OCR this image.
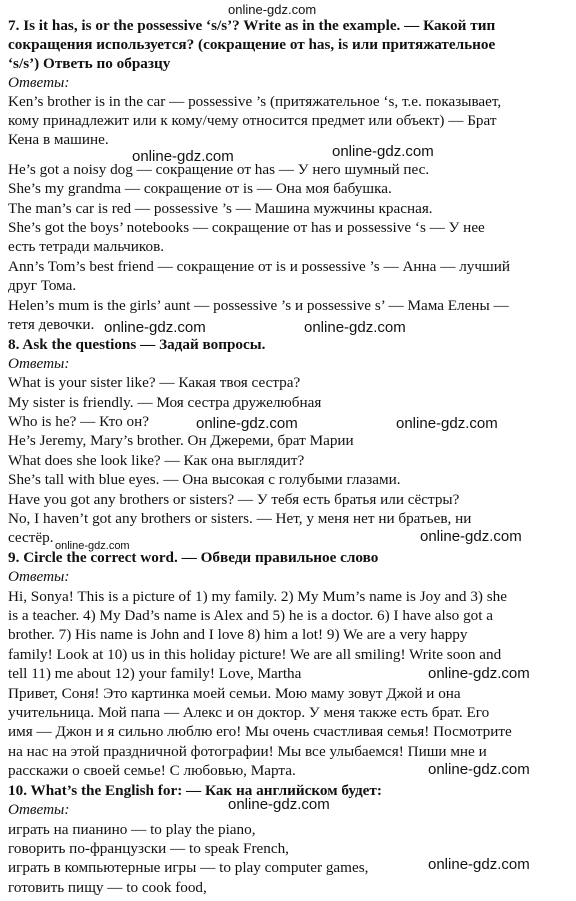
online-gdz.com
online-gdz.com	online-gdz.com
online-gdz.com	online-gdz.com
online-gdz.com	online-gdz.com
online-gdz.com
online-gdz.com
online-gdz.com
online-gdz.com
online-gdz.com
online-gdz.com
7. Is it has, is or the possessive ‘s/s’? Write as in the example. — Какой тип
сокращения используется? (сокращение от has, is или притяжательное
‘s/s’) Ответь по образцу
Ответы:
Ken’s brother is in the car — possessive ’s (притяжательное ‘s, т.е. показывает,
кому принадлежит или к кому/чему относится предмет или объект) — Брат
Кена в машине.
He’s got a noisy dog — сокращение от has — У него шумный пес.
She’s my grandma — сокращение от is — Она моя бабушка.
The man’s car is red — possessive ’s — Машина мужчины красная.
She’s got the boys’ notebooks — сокращение от has и possessive ‘s — У нее
есть тетради мальчиков.
Ann’s Tom’s best friend — сокращение от is и possessive ’s — Анна — лучший
друг Тома.
Helen’s mum is the girls’ aunt — possessive ’s и possessive s’ — Мама Елены —
тетя девочки.
8. Ask the questions — Задай вопросы.
Ответы:
What is your sister like? — Какая твоя сестра?
My sister is friendly. — Моя сестра дружелюбная
Who is he? — Кто он?
He’s Jeremy, Mary’s brother. Он Джереми, брат Марии
What does she look like? — Как она выглядит?
She’s tall with blue eyes. — Она высокая с голубыми глазами.
Have you got any brothers or sisters? — У тебя есть братья или сёстры?
No, I haven’t got any brothers or sisters. — Нет, у меня нет ни братьев, ни
сестёр.
9. Circle the correct word. — Обведи правильное слово
Ответы:
Hi, Sonya! This is a picture of 1) my family. 2) My Mum’s name is Joy and 3) she
is a teacher. 4) My Dad’s name is Alex and 5) he is a doctor. 6) I have also got a
brother. 7) His name is John and I love 8) him a lot! 9) We are a very happy
family! Look at 10) us in this holiday picture! We are all smiling! Write soon and
tell 11) me about 12) your family! Love, Martha
Привет, Соня! Это картинка моей семьи. Мою маму зовут Джой и она
учительница. Мой папа — Алекс и он доктор. У меня также есть брат. Его
имя — Джон и я сильно люблю его! Мы очень счастливая семья! Посмотрите
на нас на этой праздничной фотографии! Мы все улыбаемся! Пиши мне и
расскажи о своей семье! С любовью, Марта.
10. What’s the English for: — Как на английском будет:
Ответы:
играть на пианино — to play the piano,
говорить по-французски — to speak French,
играть в компьютерные игры — to play computer games,
готовить пищу — to cook food,
